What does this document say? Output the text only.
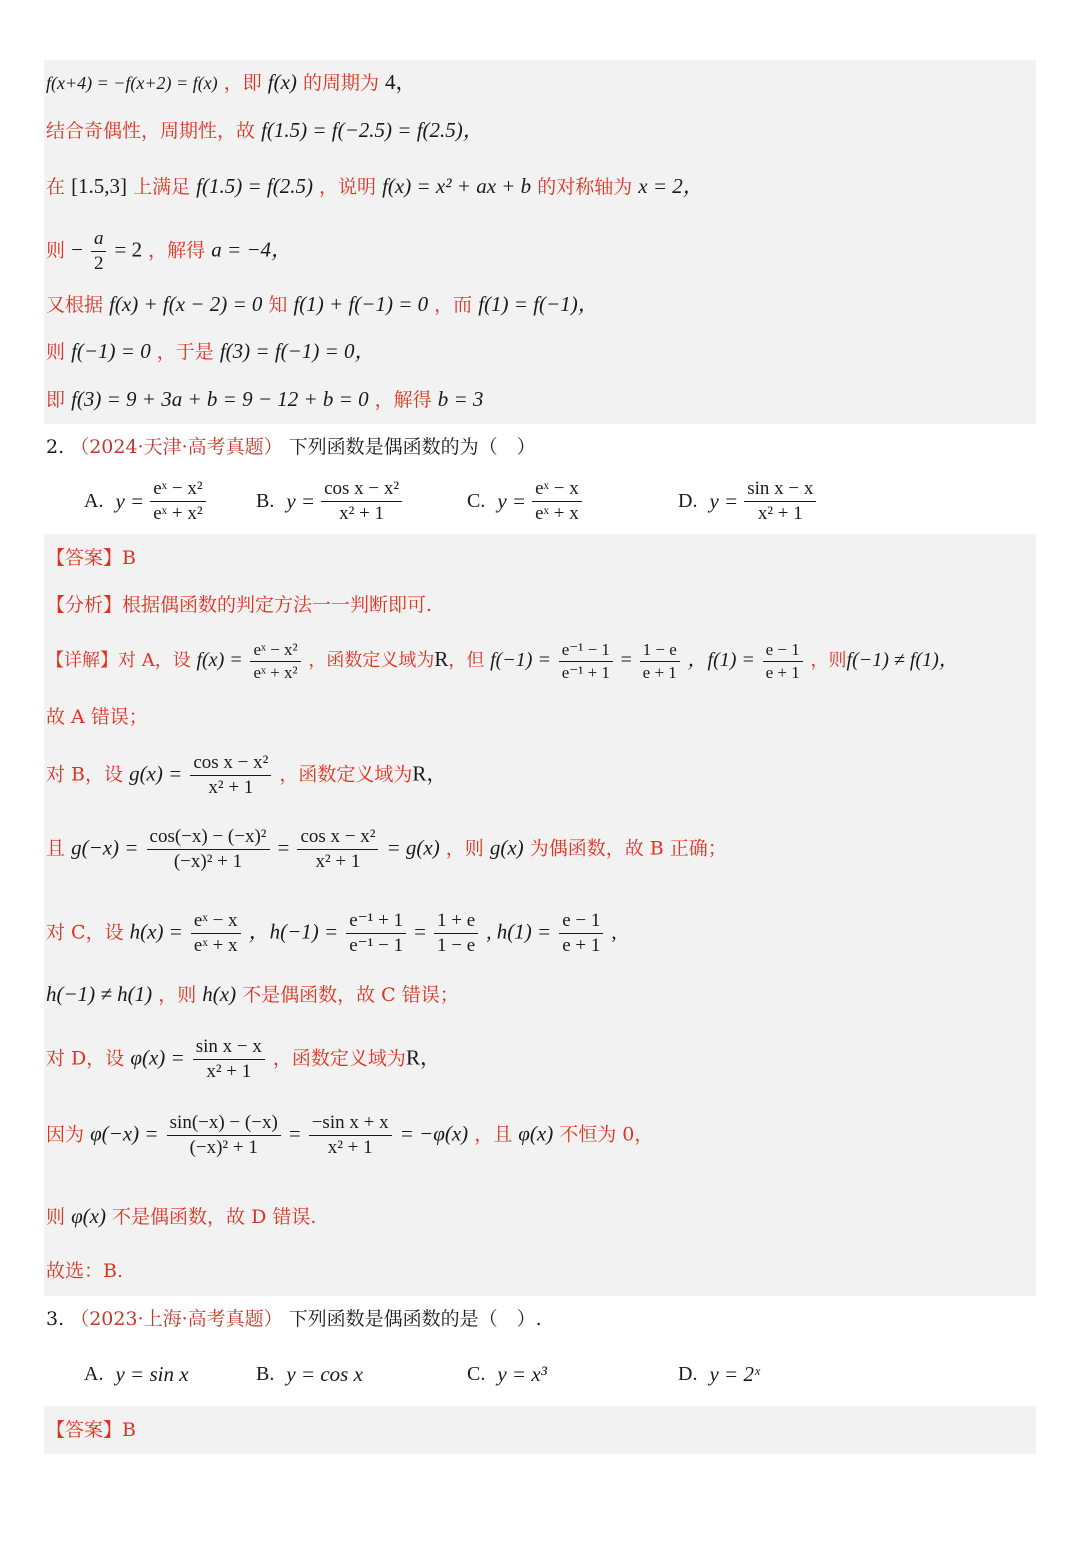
f(x+4) = −f(x+2) = f(x) ，即 f(x) 的周期为 4，
结合奇偶性，周期性，故 f(1.5) = f(−2.5) = f(2.5)，
在 [1.5,3] 上满足 f(1.5) = f(2.5) ，说明 f(x) = x² + ax + b 的对称轴为 x = 2，
则 − $\frac{a}{2} = 2$ ，解得 a = −4，
又根据 f(x) + f(x − 2) = 0 知 f(1) + f(−1) = 0 ，而 f(1) = f(−1)，
则 f(−1) = 0 ，于是 f(3) = f(−1) = 0，
即 f(3) = 9 + 3a + b = 9 − 12 + b = 0 ，解得 b = 3
2. （2024·天津·高考真题） 下列函数是偶函数的为（　）
A. $y = \frac{\text{eˣ − x²}}{\text{eˣ + x²}}$	B. $y = \frac{\text{cos x − x²}}{\text{x² + 1}}$	C. $y = \frac{\text{eˣ − x}}{\text{eˣ + x}}$	D. $y = \frac{\text{sin x − x}}{\text{x² + 1}}$
【答案】B
【分析】根据偶函数的判定方法一一判断即可.
【详解】对 A，设 $f(x) = \frac{\text{eˣ − x²}}{\text{eˣ + x²}}$ ，函数定义域为R，但 $f(-1) = \frac{\text{e⁻¹ − 1}}{\text{e⁻¹ + 1}} = \frac{1 - e}{e + 1}$ ，$f(1) = \frac{e - 1}{e + 1}$ ，则f(−1) ≠ f(1)，
故 A 错误；
对 B，设 $g(x) = \frac{\text{cos x − x²}}{\text{x² + 1}}$ ，函数定义域为R，
且 $g(-x) = \frac{\text{cos(−x) − (−x)²}}{\text{(−x)² + 1}} = \frac{\text{cos x − x²}}{\text{x² + 1}} = g(x)$ ，则 g(x) 为偶函数，故 B 正确；
对 C，设 $h(x) = \frac{\text{eˣ − x}}{\text{eˣ + x}}$ ，$h(-1) = \frac{\text{e⁻¹ + 1}}{\text{e⁻¹ − 1}} = \frac{1 + e}{1 - e}$ , $h(1) = \frac{e - 1}{e + 1}$ ,
h(−1) ≠ h(1) ，则 h(x) 不是偶函数，故 C 错误；
对 D，设 $\varphi(x) = \frac{\text{sin x − x}}{\text{x² + 1}}$ ，函数定义域为R，
因为 $\varphi(-x) = \frac{\sin(-x) - (-x)}{\text{(−x)² + 1}} = \frac{\text{−sin x + x}}{\text{x² + 1}} = -\varphi(x)$ ，且 φ(x) 不恒为 0，
则 φ(x) 不是偶函数，故 D 错误.
故选：B.
3. （2023·上海·高考真题） 下列函数是偶函数的是（　）.
A. y = sin x	B. y = cos x	C. y = x³	D. y = 2ˣ
【答案】B
